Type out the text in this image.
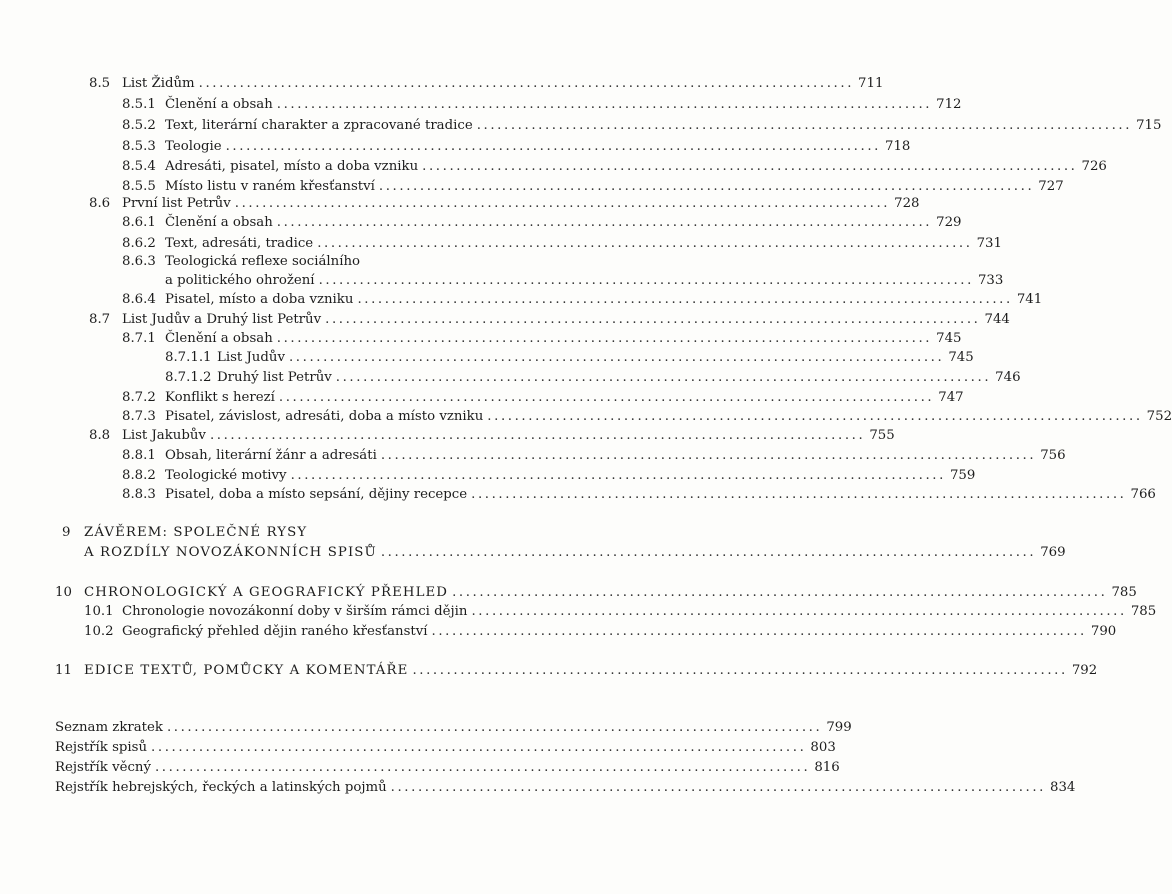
8.5 List Židům ................................................................................................ 711
8.5.1 Členění a obsah ................................................................................................ 712
8.5.2 Text, literární charakter a zpracované tradice ................................................................................................ 715
8.5.3 Teologie ................................................................................................ 718
8.5.4 Adresáti, pisatel, místo a doba vzniku ................................................................................................ 726
8.5.5 Místo listu v raném křesťanství ................................................................................................ 727
8.6 První list Petrův ................................................................................................ 728
8.6.1 Členění a obsah ................................................................................................ 729
8.6.2 Text, adresáti, tradice ................................................................................................ 731
8.6.3 Teologická reflexe sociálního
a politického ohrožení ................................................................................................ 733
8.6.4 Pisatel, místo a doba vzniku ................................................................................................ 741
8.7 List Judův a Druhý list Petrův ................................................................................................ 744
8.7.1 Členění a obsah ................................................................................................ 745
8.7.1.1 List Judův ................................................................................................ 745
8.7.1.2 Druhý list Petrův ................................................................................................ 746
8.7.2 Konflikt s herezí ................................................................................................ 747
8.7.3 Pisatel, závislost, adresáti, doba a místo vzniku ................................................................................................ 752
8.8 List Jakubův ................................................................................................ 755
8.8.1 Obsah, literární žánr a adresáti ................................................................................................ 756
8.8.2 Teologické motivy ................................................................................................ 759
8.8.3 Pisatel, doba a místo sepsání, dějiny recepce ................................................................................................ 766
9	ZÁVĚREM: SPOLEČNÉ RYSY
A ROZDÍLY NOVOZÁKONNÍCH SPISŮ ................................................................................................ 769
10 CHRONOLOGICKÝ A GEOGRAFICKÝ PŘEHLED ................................................................................................ 785
10.1 Chronologie novozákonní doby v širším rámci dějin ................................................................................................ 785
10.2 Geografický přehled dějin raného křesťanství ................................................................................................ 790
11 EDICE TEXTŮ, POMŮCKY A KOMENTÁŘE ................................................................................................ 792
Seznam zkratek ................................................................................................ 799
Rejstřík spisů ................................................................................................ 803
Rejstřík věcný ................................................................................................ 816
Rejstřík hebrejských, řeckých a latinských pojmů ................................................................................................ 834
